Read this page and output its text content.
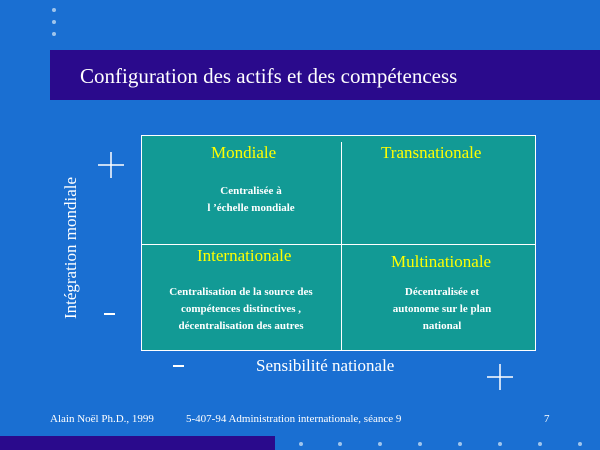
Configuration des actifs et des compétencess
Intégration mondiale
Mondiale
Centralisée à
l ’échelle mondiale
Transnationale
Internationale
Centralisation de la source des
compétences distinctives ,
décentralisation des autres
Multinationale
Décentralisée et
autonome sur le plan
national
Sensibilité nationale
Alain Noël Ph.D., 1999	5-407-94 Administration internationale, séance 9	7
